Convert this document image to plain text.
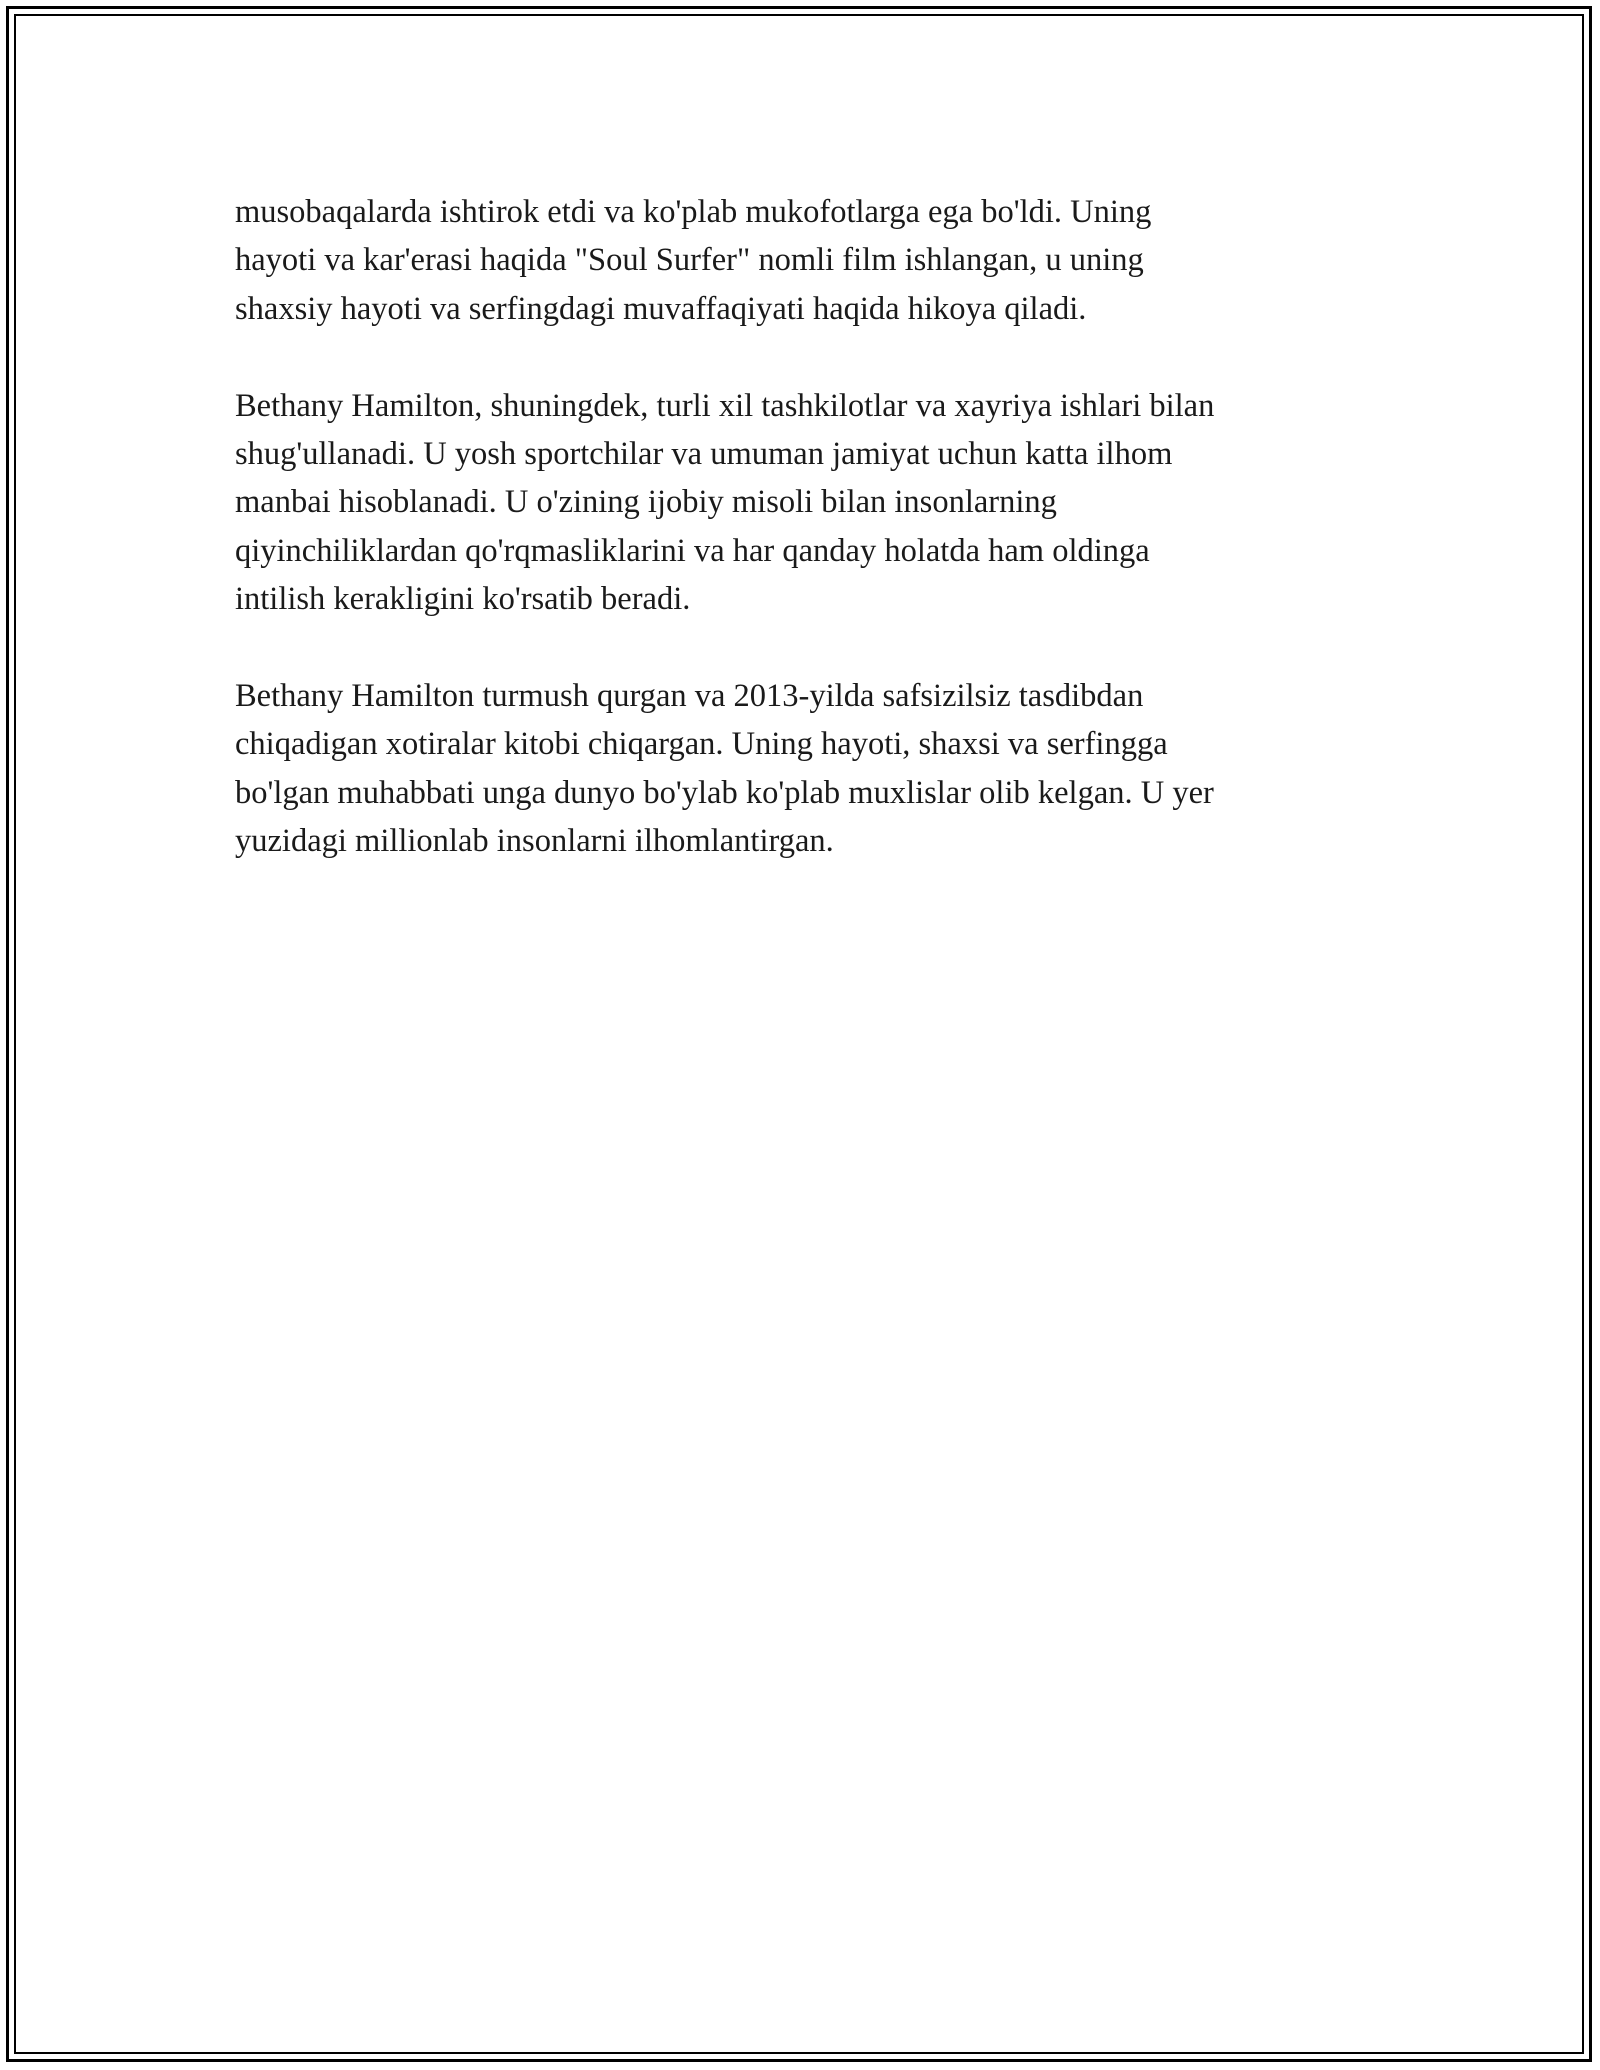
musobaqalarda ishtirok etdi va ko'plab mukofotlarga ega bo'ldi. Uning
hayoti va kar'erasi haqida "Soul Surfer" nomli film ishlangan, u uning
shaxsiy hayoti va serfingdagi muvaffaqiyati haqida hikoya qiladi.

Bethany Hamilton, shuningdek, turli xil tashkilotlar va xayriya ishlari bilan
shug'ullanadi. U yosh sportchilar va umuman jamiyat uchun katta ilhom
manbai hisoblanadi. U o'zining ijobiy misoli bilan insonlarning
qiyinchiliklardan qo'rqmasliklarini va har qanday holatda ham oldinga
intilish kerakligini ko'rsatib beradi.

Bethany Hamilton turmush qurgan va 2013-yilda safsizilsiz tasdibdan
chiqadigan xotiralar kitobi chiqargan. Uning hayoti, shaxsi va serfingga
bo'lgan muhabbati unga dunyo bo'ylab ko'plab muxlislar olib kelgan. U yer
yuzidagi millionlab insonlarni ilhomlantirgan.
